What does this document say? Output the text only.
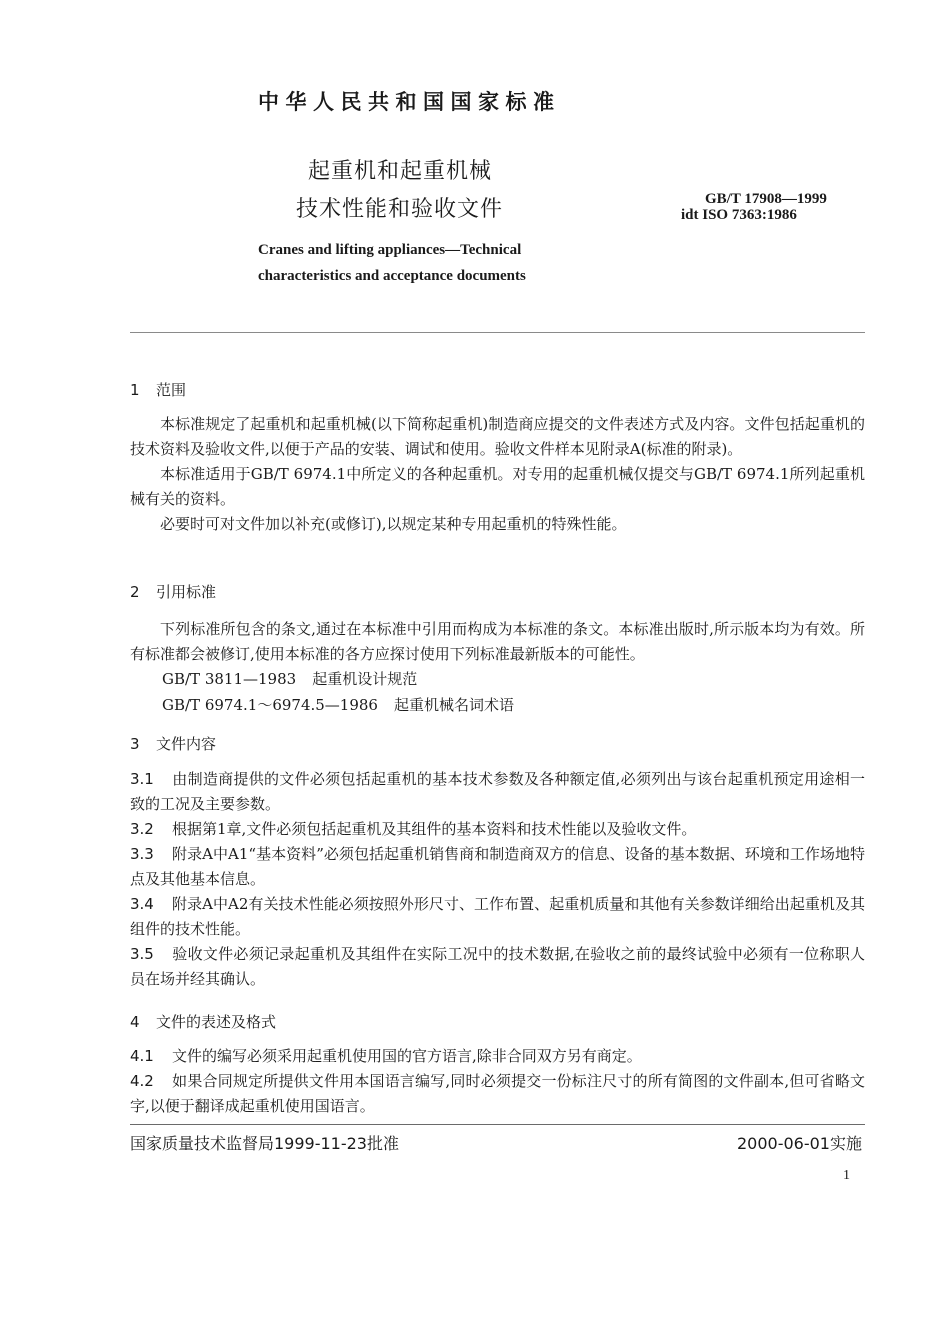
中华人民共和国国家标准
起重机和起重机械
技术性能和验收文件	GB/T 17908—1999
idt ISO 7363:1986
Cranes and lifting appliances—Technical
characteristics and acceptance documents
1 范围
本标准规定了起重机和起重机械(以下简称起重机)制造商应提交的文件表述方式及内容。文件包括起重机的技术资料及验收文件,以便于产品的安装、调试和使用。验收文件样本见附录A(标准的附录)。
本标准适用于GB/T 6974.1中所定义的各种起重机。对专用的起重机械仅提交与GB/T 6974.1所列起重机械有关的资料。
必要时可对文件加以补充(或修订),以规定某种专用起重机的特殊性能。
2 引用标准
下列标准所包含的条文,通过在本标准中引用而构成为本标准的条文。本标准出版时,所示版本均为有效。所有标准都会被修订,使用本标准的各方应探讨使用下列标准最新版本的可能性。
GB/T 3811—1983 起重机设计规范
GB/T 6974.1～6974.5—1986 起重机械名词术语
3 文件内容
3.1 由制造商提供的文件必须包括起重机的基本技术参数及各种额定值,必须列出与该台起重机预定用途相一致的工况及主要参数。
3.2 根据第1章,文件必须包括起重机及其组件的基本资料和技术性能以及验收文件。
3.3 附录A中A1“基本资料”必须包括起重机销售商和制造商双方的信息、设备的基本数据、环境和工作场地特点及其他基本信息。
3.4 附录A中A2有关技术性能必须按照外形尺寸、工作布置、起重机质量和其他有关参数详细给出起重机及其组件的技术性能。
3.5 验收文件必须记录起重机及其组件在实际工况中的技术数据,在验收之前的最终试验中必须有一位称职人员在场并经其确认。
4 文件的表述及格式
4.1 文件的编写必须采用起重机使用国的官方语言,除非合同双方另有商定。
4.2 如果合同规定所提供文件用本国语言编写,同时必须提交一份标注尺寸的所有简图的文件副本,但可省略文字,以便于翻译成起重机使用国语言。
国家质量技术监督局1999-11-23批准	2000-06-01实施
1
